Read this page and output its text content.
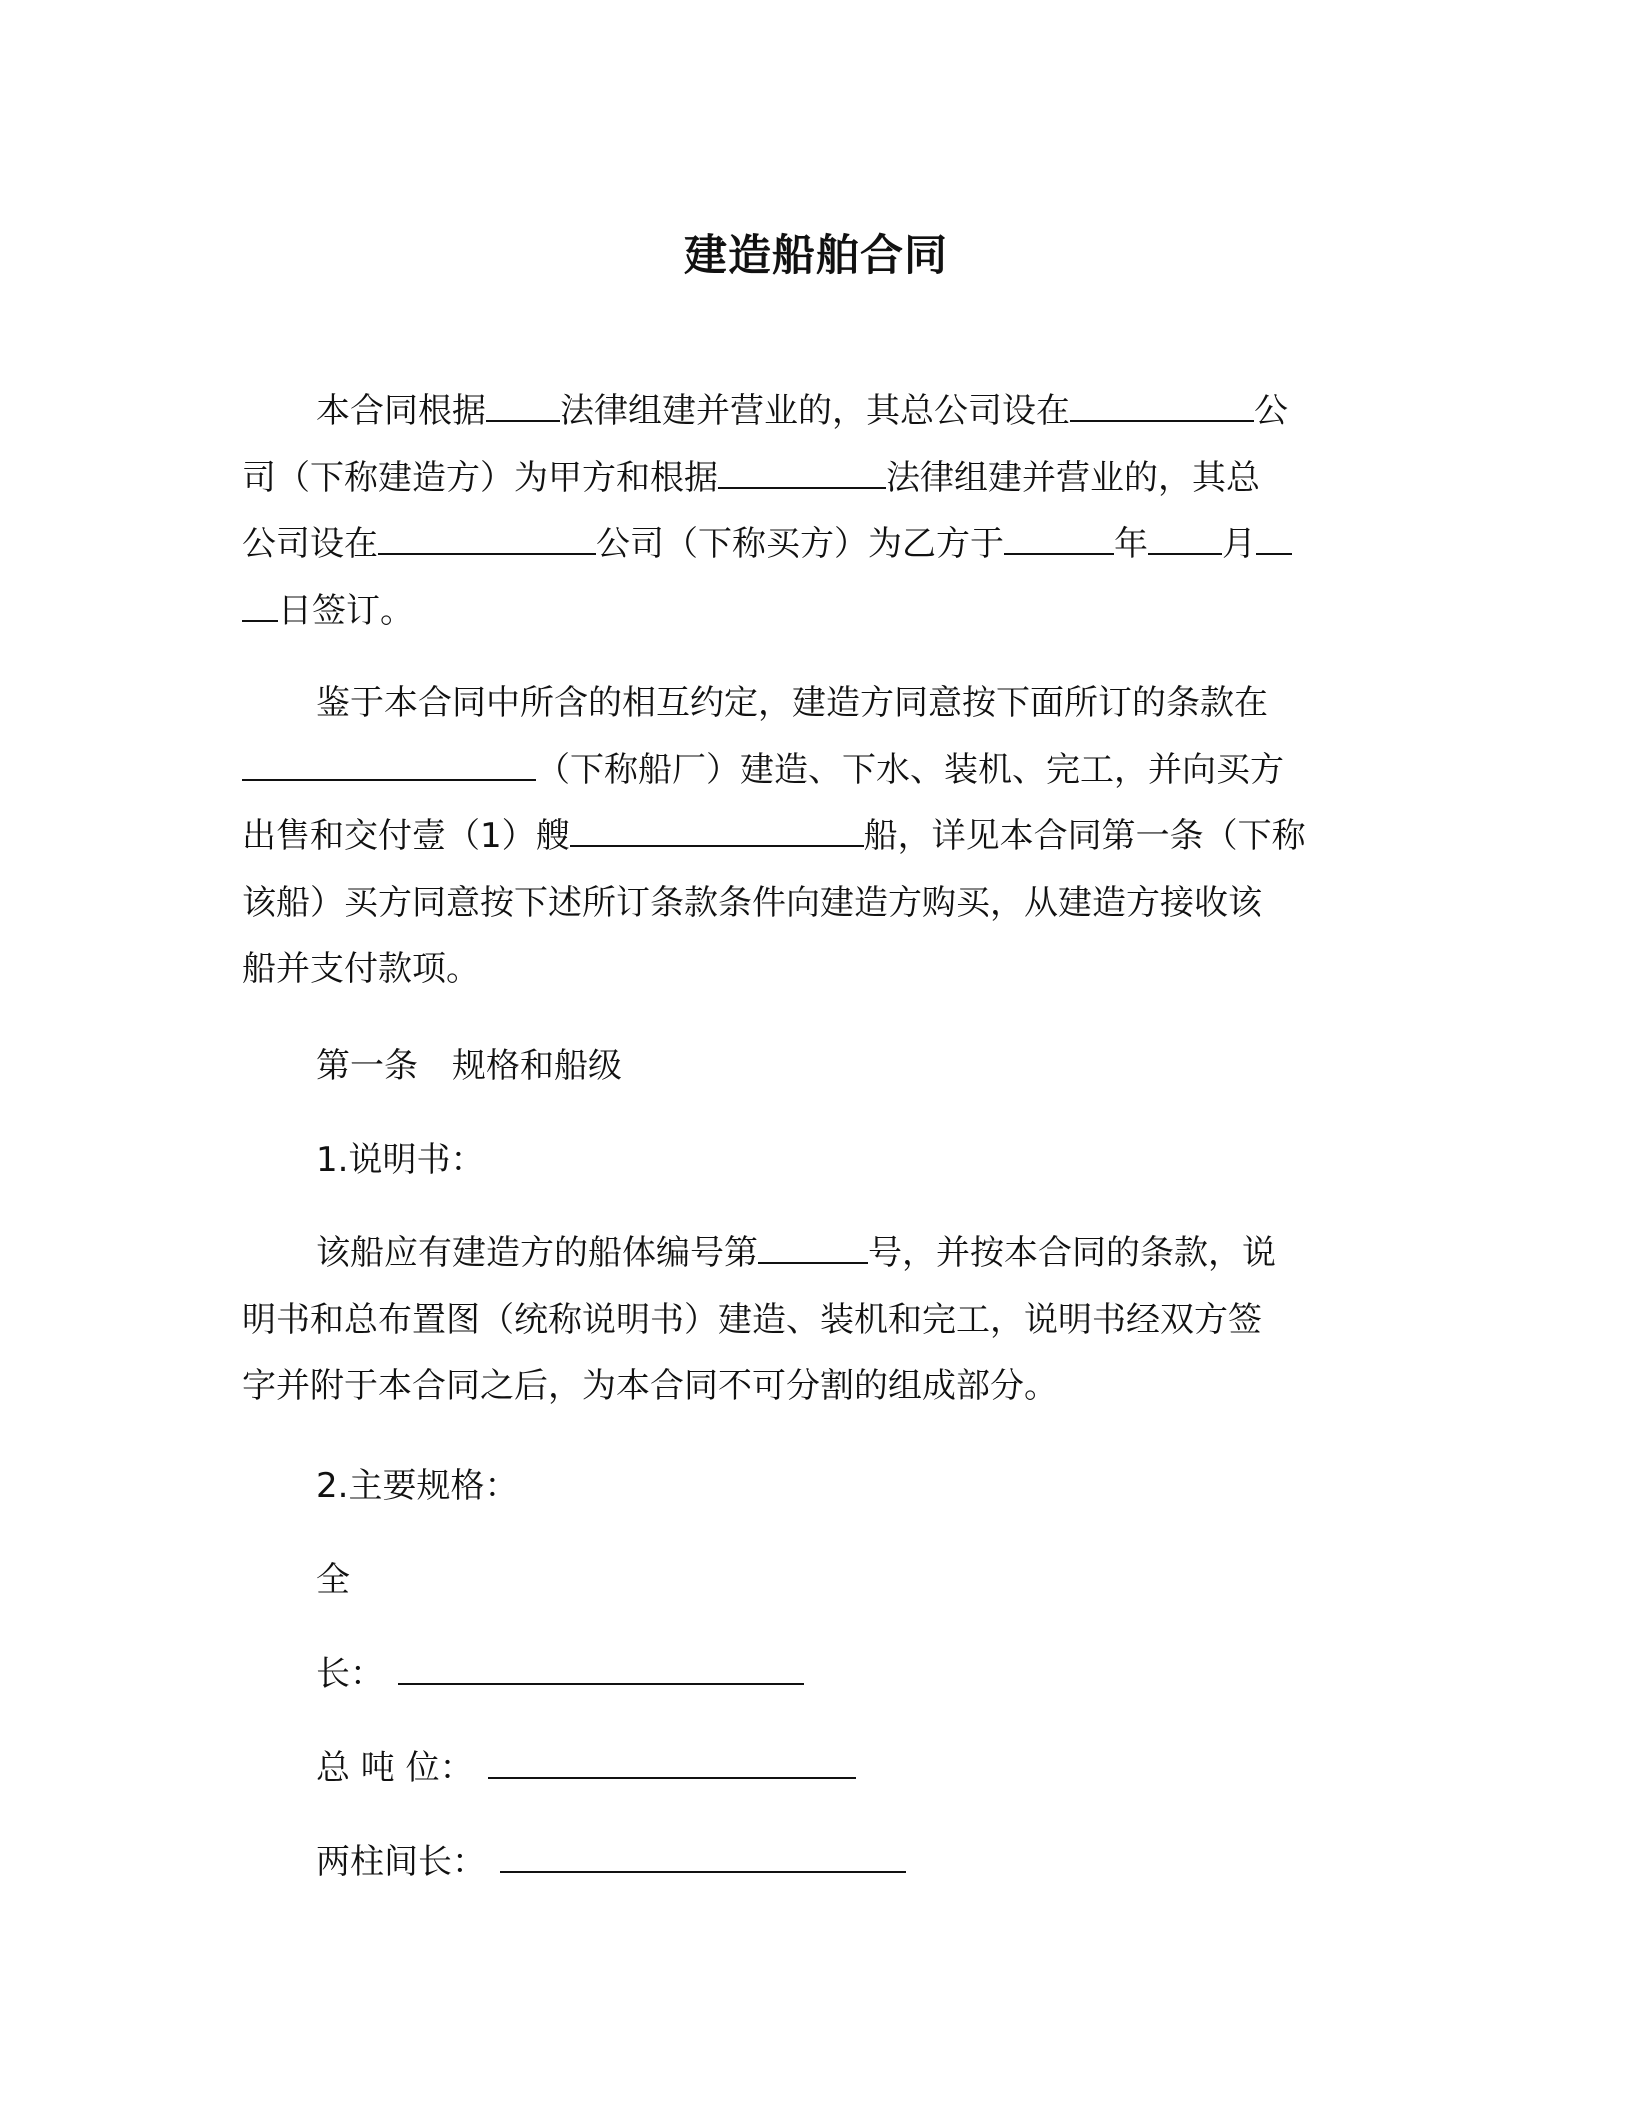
建造船舶合同
本合同根据 法律组建并营业的，其总公司设在	公
司（下称建造方）为甲方和根据	法律组建并营业的，其总
公司设在	公司（下称买方）为乙方于	年 月
日签订。
鉴于本合同中所含的相互约定，建造方同意按下面所订的条款在
（下称船厂）建造、下水、装机、完工，并向买方
出售和交付壹（1）艘	船，详见本合同第一条（下称
该船）买方同意按下述所订条款条件向建造方购买，从建造方接收该
船并支付款项。
第一条　规格和船级
1.说明书：
该船应有建造方的船体编号第	号，并按本合同的条款，说
明书和总布置图（统称说明书）建造、装机和完工，说明书经双方签
字并附于本合同之后，为本合同不可分割的组成部分。
2.主要规格：
全
长：
总 吨 位：
两柱间长：
